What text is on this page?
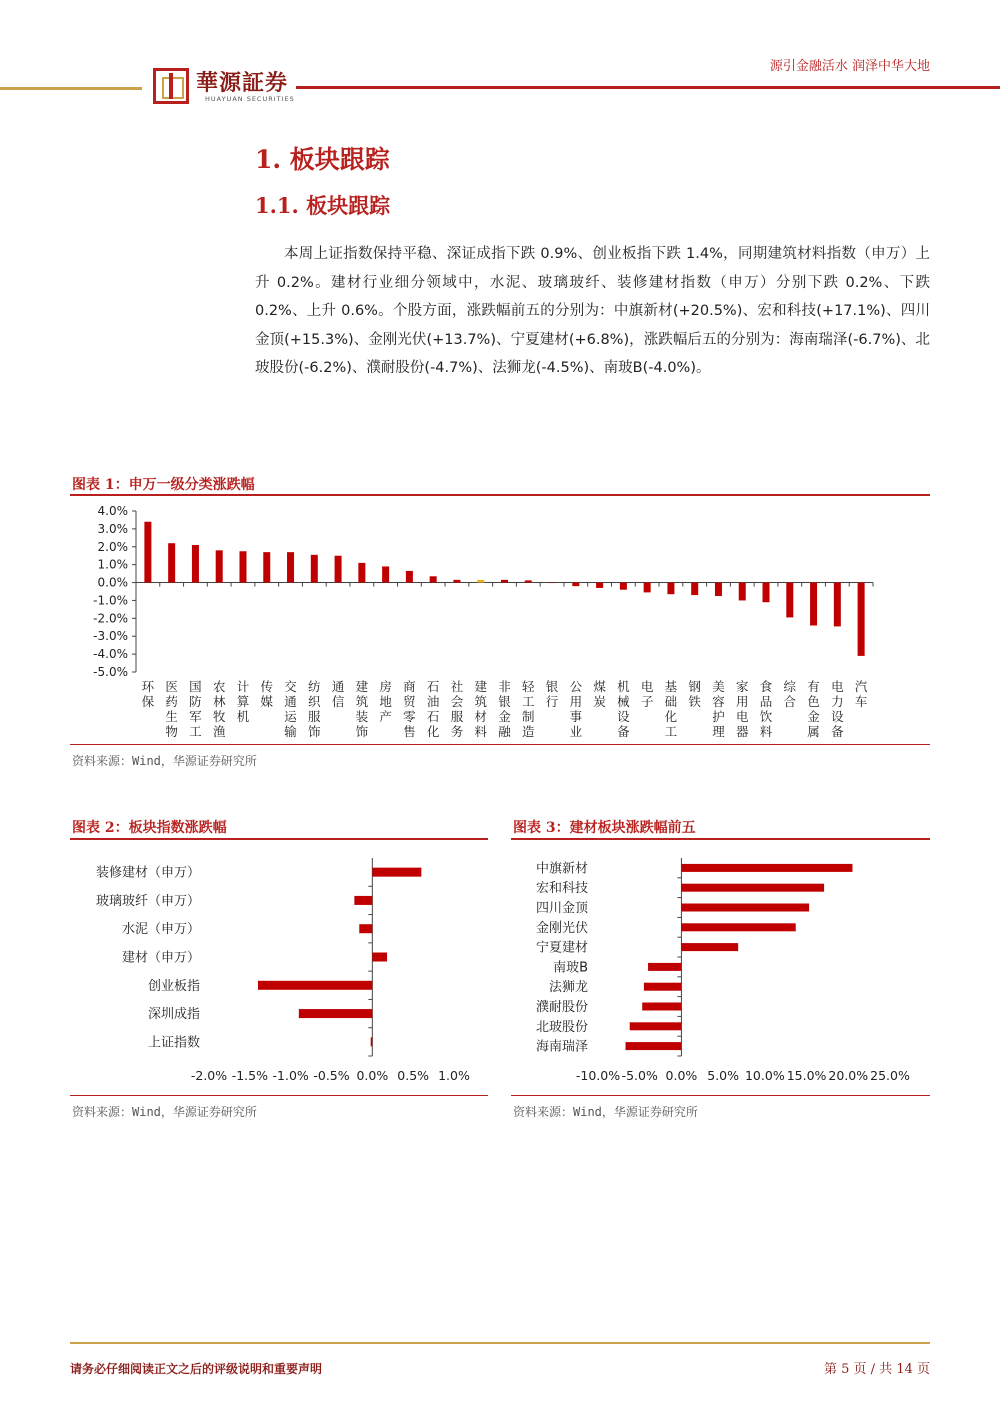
華源証券
HUAYUAN SECURITIES
源引金融活水 润泽中华大地
1. 板块跟踪
1.1. 板块跟踪
本周上证指数保持平稳、深证成指下跌 0.9%、创业板指下跌 1.4%，同期建筑材料指数（申万）上升 0.2%。建材行业细分领域中，水泥、玻璃玻纤、装修建材指数（申万）分别下跌 0.2%、下跌 0.2%、上升 0.6%。个股方面，涨跌幅前五的分别为：中旗新材(+20.5%)、宏和科技(+17.1%)、四川金顶(+15.3%)、金刚光伏(+13.7%)、宁夏建材(+6.8%)，涨跌幅后五的分别为：海南瑞泽(-6.7%)、北玻股份(-6.2%)、濮耐股份(-4.7%)、法狮龙(-4.5%)、南玻B(-4.0%)。
图表 1：申万一级分类涨跌幅
4.0%
3.0%
2.0%
1.0%
0.0%
-1.0%
-2.0%
-3.0%
-4.0%
-5.0%
环保
医药生物
国防军工
农林牧渔
计算机
传媒
交通运输
纺织服饰
通信
建筑装饰
房地产
商贸零售
石油石化
社会服务
建筑材料
非银金融
轻工制造
银行
公用事业
煤炭
机械设备
电子
基础化工
钢铁
美容护理
家用电器
食品饮料
综合
有色金属
电力设备
汽车
资料来源：Wind，华源证券研究所
图表 2：板块指数涨跌幅
-2.0% -1.5% -1.0% -0.5% 0.0% 0.5% 1.0%
装修建材（申万）
玻璃玻纤（申万）
水泥（申万）
建材（申万）
创业板指
深圳成指
上证指数
资料来源：Wind，华源证券研究所
图表 3：建材板块涨跌幅前五
-10.0% -5.0% 0.0% 5.0% 10.0% 15.0% 20.0% 25.0%
中旗新材
宏和科技
四川金顶
金刚光伏
宁夏建材
南玻B
法狮龙
濮耐股份
北玻股份
海南瑞泽
资料来源：Wind，华源证券研究所
请务必仔细阅读正文之后的评级说明和重要声明	第 5 页 / 共 14 页
